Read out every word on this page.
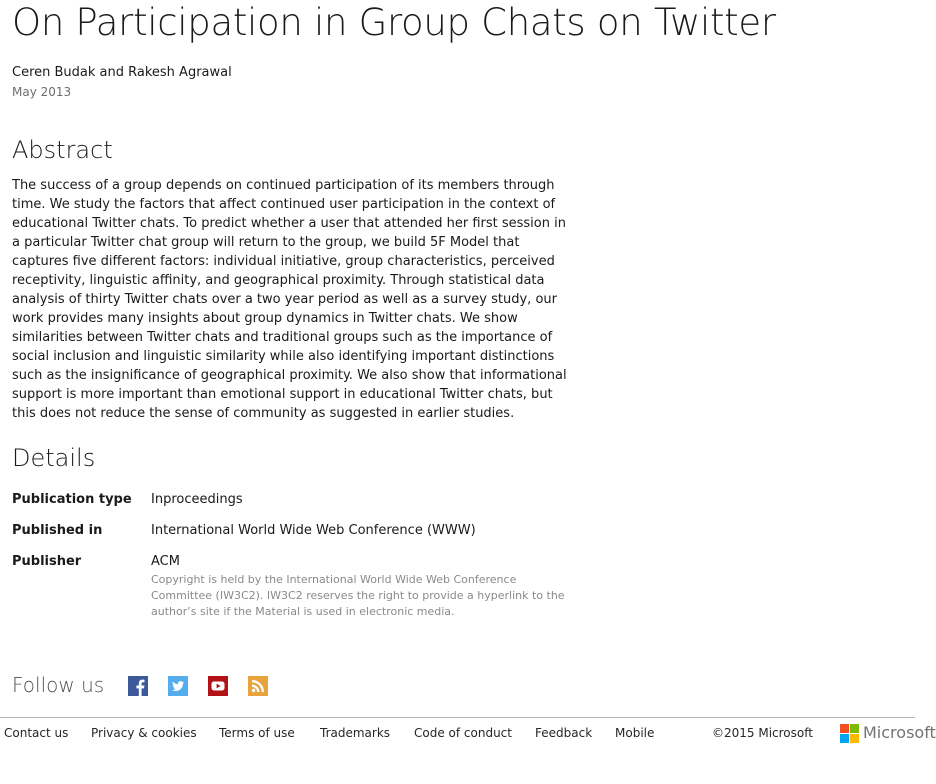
On Participation in Group Chats on Twitter
Ceren Budak and Rakesh Agrawal
May 2013
Abstract

The success of a group depends on continued participation of its members through time. We study the factors that affect continued user participation in the context of educational Twitter chats. To predict whether a user that attended her first session in a particular Twitter chat group will return to the group, we build 5F Model that captures five different factors: individual initiative, group characteristics, perceived receptivity, linguistic affinity, and geographical proximity. Through statistical data analysis of thirty Twitter chats over a two year period as well as a survey study, our work provides many insights about group dynamics in Twitter chats. We show similarities between Twitter chats and traditional groups such as the importance of social inclusion and linguistic similarity while also identifying important distinctions such as the insignificance of geographical proximity. We also show that informational support is more important than emotional support in educational Twitter chats, but this does not reduce the sense of community as suggested in earlier studies.

Details
Publication type Inproceedings
Published in	International World Wide Web Conference (WWW)
Publisher	ACM
Copyright is held by the International World Wide Web Conference Committee (IW3C2). IW3C2 reserves the right to provide a hyperlink to the author’s site if the Material is used in electronic media.
Follow us
Contact us Privacy & cookies Terms of use Trademarks Code of conduct Feedback Mobile	©2015 Microsoft	Microsoft
